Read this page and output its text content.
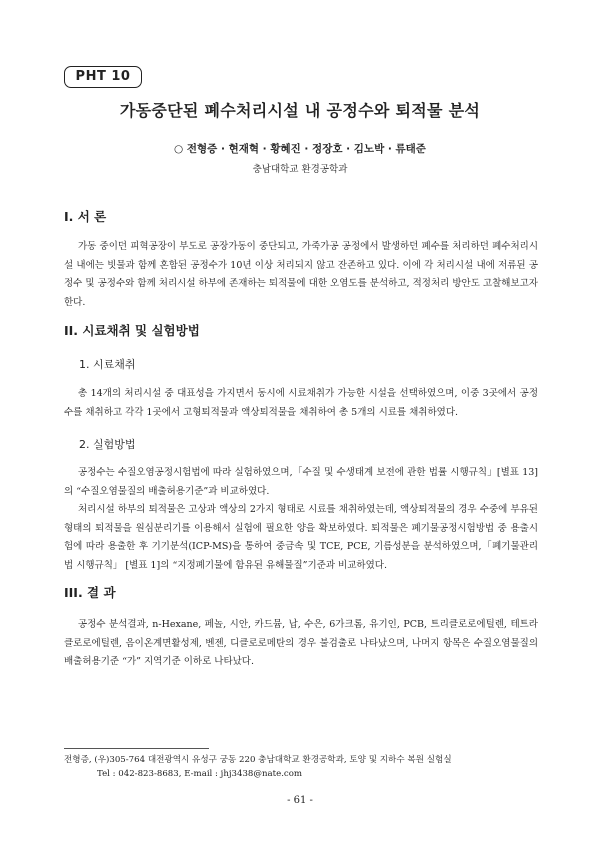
PHT 10
가동중단된 폐수처리시설 내 공정수와 퇴적물 분석
○ 전형증 · 현재혁 · 황혜진 · 정장호 · 김노박 · 류태준
충남대학교 환경공학과
I. 서 론

가동 중이던 피혁공장이 부도로 공장가동이 중단되고, 가죽가공 공정에서 발생하던 폐수를 처리하던 폐수처리시설 내에는 빗물과 함께 혼합된 공정수가 10년 이상 처리되지 않고 잔존하고 있다. 이에 각 처리시설 내에 저류된 공정수 및 공정수와 함께 처리시설 하부에 존재하는 퇴적물에 대한 오염도를 분석하고, 적정처리 방안도 고찰해보고자 한다.

II. 시료채취 및 실험방법
1. 시료채취

총 14개의 처리시설 중 대표성을 가지면서 동시에 시료채취가 가능한 시설을 선택하였으며, 이중 3곳에서 공정수를 채취하고 각각 1곳에서 고형퇴적물과 액상퇴적물을 채취하여 총 5개의 시료를 채취하였다.

2. 실험방법

공정수는 수질오염공정시험법에 따라 실험하였으며,「수질 및 수생태계 보전에 관한 법률 시행규칙」[별표 13]의 “수질오염물질의 배출허용기준”과 비교하였다.

처리시설 하부의 퇴적물은 고상과 액상의 2가지 형태로 시료를 채취하였는데, 액상퇴적물의 경우 수중에 부유된 형태의 퇴적물을 원심분리기를 이용해서 실험에 필요한 양을 확보하였다. 퇴적물은 폐기물공정시험방법 중 용출시험에 따라 용출한 후 기기분석(ICP-MS)을 통하여 중금속 및 TCE, PCE, 기름성분을 분석하였으며,「폐기물관리법 시행규칙」 [별표 1]의 “지정폐기물에 함유된 유해물질”기준과 비교하였다.

III. 결 과

공정수 분석결과, n-Hexane, 페놀, 시안, 카드뮴, 납, 수은, 6가크롬, 유기인, PCB, 트리클로로에틸렌, 테트라클로로에틸렌, 음이온계면활성제, 벤젠, 디클로로메탄의 경우 불검출로 나타났으며, 나머지 항목은 수질오염물질의 배출허용기준 “가” 지역기준 이하로 나타났다.

전형증, (우)305-764 대전광역시 유성구 궁동 220 충남대학교 환경공학과, 토양 및 지하수 복원 실험실
Tel : 042-823-8683, E-mail : jhj3438@nate.com
- 61 -
